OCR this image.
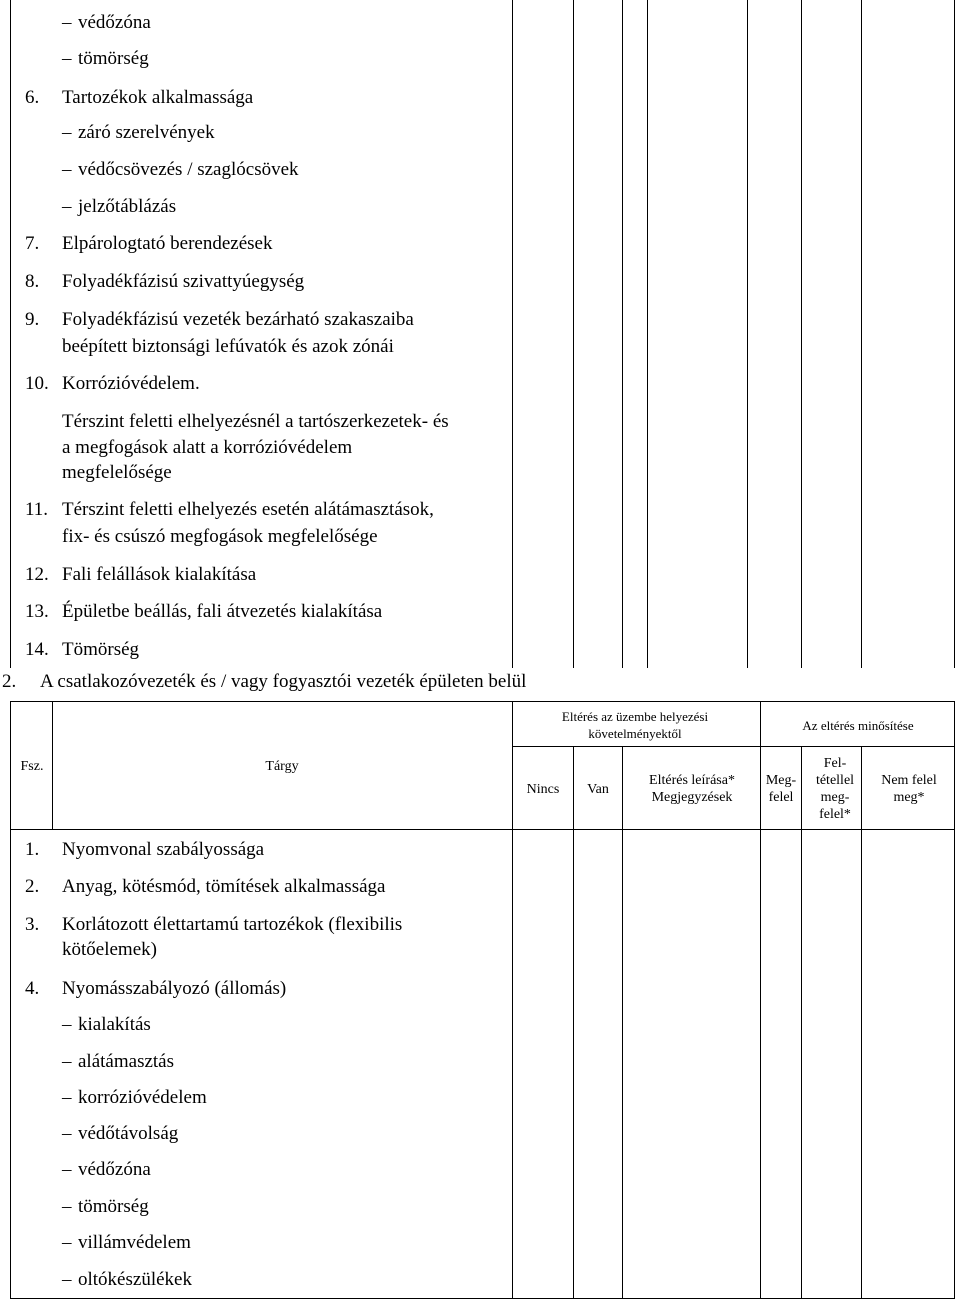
– védőzóna
– tömörség
6. Tartozékok alkalmassága
– záró szerelvények
– védőcsövezés / szaglócsövek
– jelzőtáblázás
7. Elpárologtató berendezések
8. Folyadékfázisú szivattyúegység
9. Folyadékfázisú vezeték bezárható szakaszaiba
beépített biztonsági lefúvatók és azok zónái
10. Korrózióvédelem.
Térszint feletti elhelyezésnél a tartószerkezetek- és
a megfogások alatt a korrózióvédelem
megfelelősége
11. Térszint feletti elhelyezés esetén alátámasztások,
fix- és csúszó megfogások megfelelősége
12. Fali felállások kialakítása
13. Épületbe beállás, fali átvezetés kialakítása
14. Tömörség
2. A csatlakozóvezeték és / vagy fogyasztói vezeték épületen belül
Fsz.	Tárgy
Eltérés az üzembe helyezési követelményektől
Az eltérés minősítése
Nincs	Van
Eltérés leírása* Megjegyzések
Meg- felel
Fel- tétellel meg- felel*
Nem felel meg*
1. Nyomvonal szabályossága
2. Anyag, kötésmód, tömítések alkalmassága
3. Korlátozott élettartamú tartozékok (flexibilis
kötőelemek)
4. Nyomásszabályozó (állomás)
– kialakítás
– alátámasztás
– korrózióvédelem
– védőtávolság
– védőzóna
– tömörség
– villámvédelem
– oltókészülékek
